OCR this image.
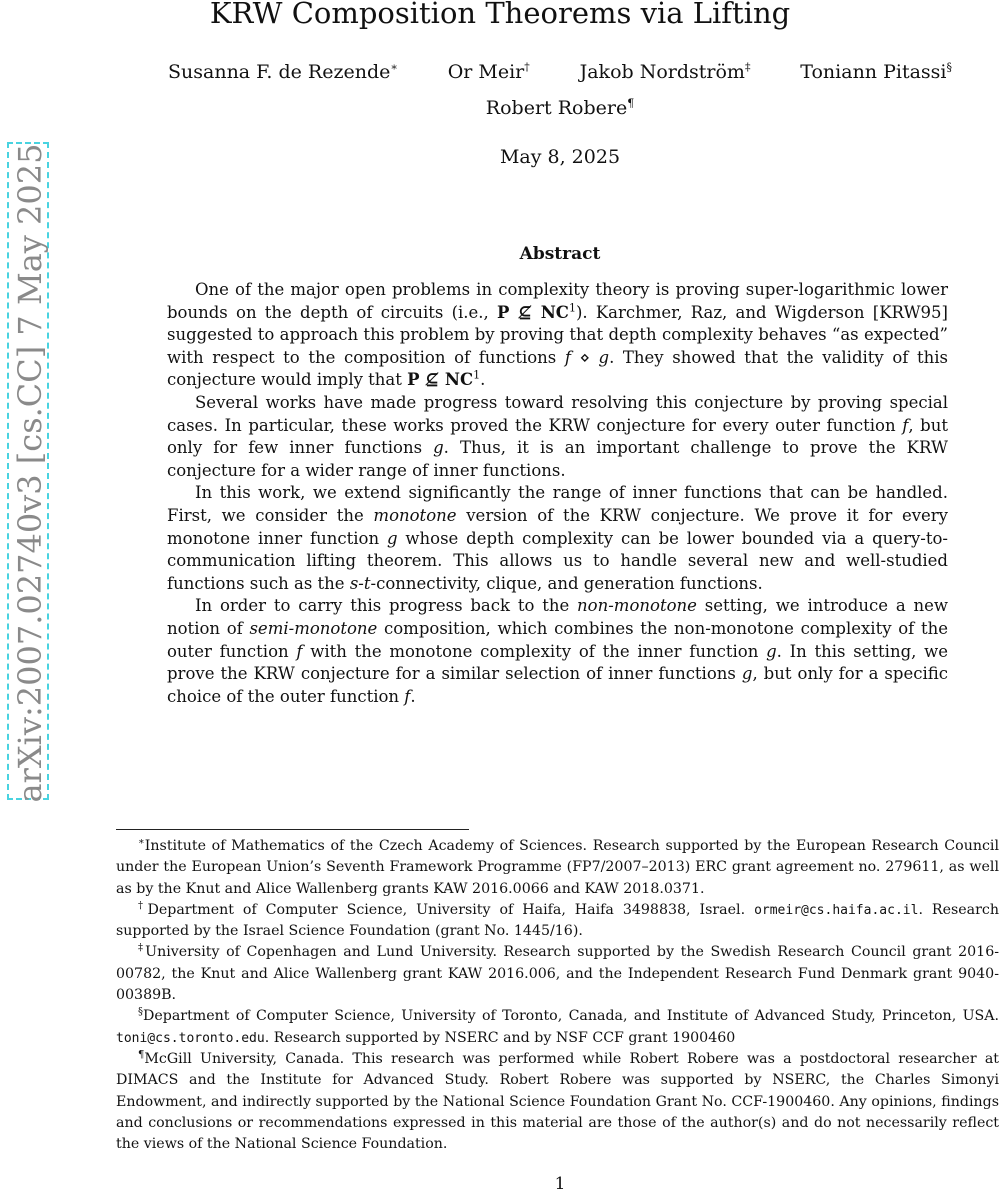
KRW Composition Theorems via Lifting
Susanna F. de Rezende∗	Or Meir†	Jakob Nordström‡	Toniann Pitassi§
Robert Robere¶
May 8, 2025
arXiv:2007.02740v3 [cs.CC] 7 May 2025	Abstract

One of the major open problems in complexity theory is proving super-logarithmic lower bounds on the depth of circuits (i.e., P ⊈ $NC^1$). Karchmer, Raz, and Wigderson [KRW95] suggested to approach this problem by proving that depth complexity behaves “as expected” with respect to the composition of functions f ⋄ g. They showed that the validity of this conjecture would imply that P ⊈ $NC^1$.

Several works have made progress toward resolving this conjecture by proving special cases. In particular, these works proved the KRW conjecture for every outer function f, but only for few inner functions g. Thus, it is an important challenge to prove the KRW conjecture for a wider range of inner functions.

In this work, we extend significantly the range of inner functions that can be handled. First, we consider the monotone version of the KRW conjecture. We prove it for every monotone inner function g whose depth complexity can be lower bounded via a query-to-communication lifting theorem. This allows us to handle several new and well-studied functions such as the s-t-connectivity, clique, and generation functions.

In order to carry this progress back to the non-monotone setting, we introduce a new notion of semi-monotone composition, which combines the non-monotone complexity of the outer function f with the monotone complexity of the inner function g. In this setting, we prove the KRW conjecture for a similar selection of inner functions g, but only for a specific choice of the outer function f.

∗Institute of Mathematics of the Czech Academy of Sciences. Research supported by the European Research Council under the European Union’s Seventh Framework Programme (FP7/2007–2013) ERC grant agreement no. 279611, as well as by the Knut and Alice Wallenberg grants KAW 2016.0066 and KAW 2018.0371.

†Department of Computer Science, University of Haifa, Haifa 3498838, Israel. ormeir@cs.haifa.ac.il. Research supported by the Israel Science Foundation (grant No. 1445/16).

‡University of Copenhagen and Lund University. Research supported by the Swedish Research Council grant 2016-00782, the Knut and Alice Wallenberg grant KAW 2016.006, and the Independent Research Fund Denmark grant 9040-00389B.

§Department of Computer Science, University of Toronto, Canada, and Institute of Advanced Study, Princeton, USA. toni@cs.toronto.edu. Research supported by NSERC and by NSF CCF grant 1900460

¶McGill University, Canada. This research was performed while Robert Robere was a postdoctoral researcher at DIMACS and the Institute for Advanced Study. Robert Robere was supported by NSERC, the Charles Simonyi Endowment, and indirectly supported by the National Science Foundation Grant No. CCF-1900460. Any opinions, findings and conclusions or recommendations expressed in this material are those of the author(s) and do not necessarily reflect the views of the National Science Foundation.

1
